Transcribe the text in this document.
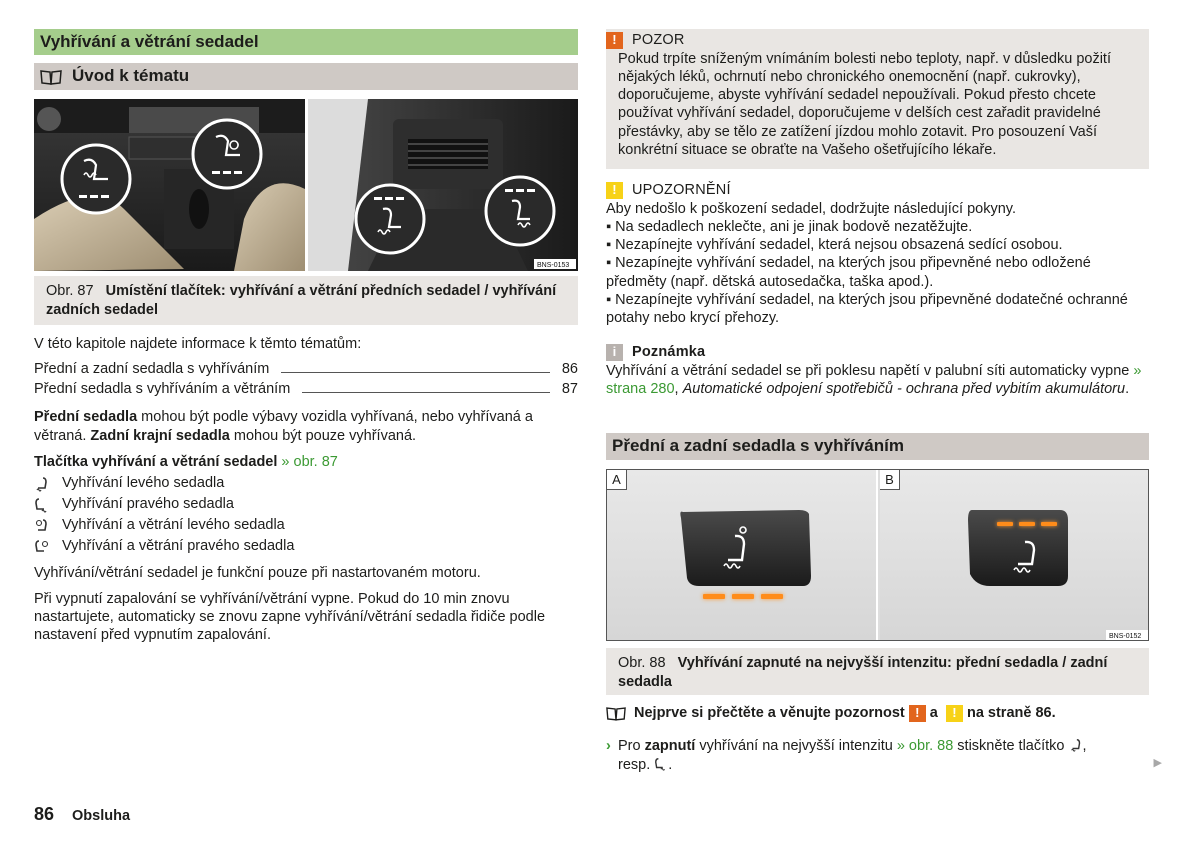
Vyhřívání a větrání sedadel
Úvod k tématu
BNS-0153
Obr. 87 Umístění tlačítek: vyhřívání a větrání předních sedadel / vyhřívání zadních sedadel
V této kapitole najdete informace k těmto tématům:
Přední a zadní sedadla s vyhříváním	86
Přední sedadla s vyhříváním a větráním	87
Přední sedadla mohou být podle výbavy vozidla vyhřívaná, nebo vyhřívaná a větraná. Zadní krajní sedadla mohou být pouze vyhřívaná.
Tlačítka vyhřívání a větrání sedadel » obr. 87
Vyhřívání levého sedadla
Vyhřívání pravého sedadla
Vyhřívání a větrání levého sedadla
Vyhřívání a větrání pravého sedadla
Vyhřívání/větrání sedadel je funkční pouze při nastartovaném motoru.
Při vypnutí zapalování se vyhřívání/větrání vypne. Pokud do 10 min znovu nastartujete, automaticky se znovu zapne vyhřívání/větrání sedadla řidiče podle nastavení před vypnutím zapalování.
!	POZOR
Pokud trpíte sníženým vnímáním bolesti nebo teploty, např. v důsledku požití nějakých léků, ochrnutí nebo chronického onemocnění (např. cukrovky), doporučujeme, abyste vyhřívání sedadel nepoužívali. Pokud přesto chcete používat vyhřívání sedadel, doporučujeme v delších cest zařadit pravidelné přestávky, aby se tělo ze zatížení jízdou mohlo zotavit. Pro posouzení Vaší konkrétní situace se obraťte na Vašeho ošetřujícího lékaře.
!	UPOZORNĚNÍ
Aby nedošlo k poškození sedadel, dodržujte následující pokyny.
▪ Na sedadlech neklečte, ani je jinak bodově nezatěžujte.
▪ Nezapínejte vyhřívání sedadel, která nejsou obsazená sedící osobou.
▪ Nezapínejte vyhřívání sedadel, na kterých jsou připevněné nebo odložené předměty (např. dětská autosedačka, taška apod.).
▪ Nezapínejte vyhřívání sedadel, na kterých jsou připevněné dodatečné ochranné potahy nebo krycí přehozy.
i	Poznámka
Vyhřívání a větrání sedadel se při poklesu napětí v palubní síti automaticky vypne » strana 280, Automatické odpojení spotřebičů - ochrana před vybitím akumulátoru.
Přední a zadní sedadla s vyhříváním
A	B
BNS-0152
Obr. 88 Vyhřívání zapnuté na nejvyšší intenzitu: přední sedadla / zadní sedadla
Nejprve si přečtěte a věnujte pozornost
! a
! na straně 86.
› Pro zapnutí vyhřívání na nejvyšší intenzitu » obr. 88 stiskněte tlačítko ,
resp. .	▶
86 Obsluha
